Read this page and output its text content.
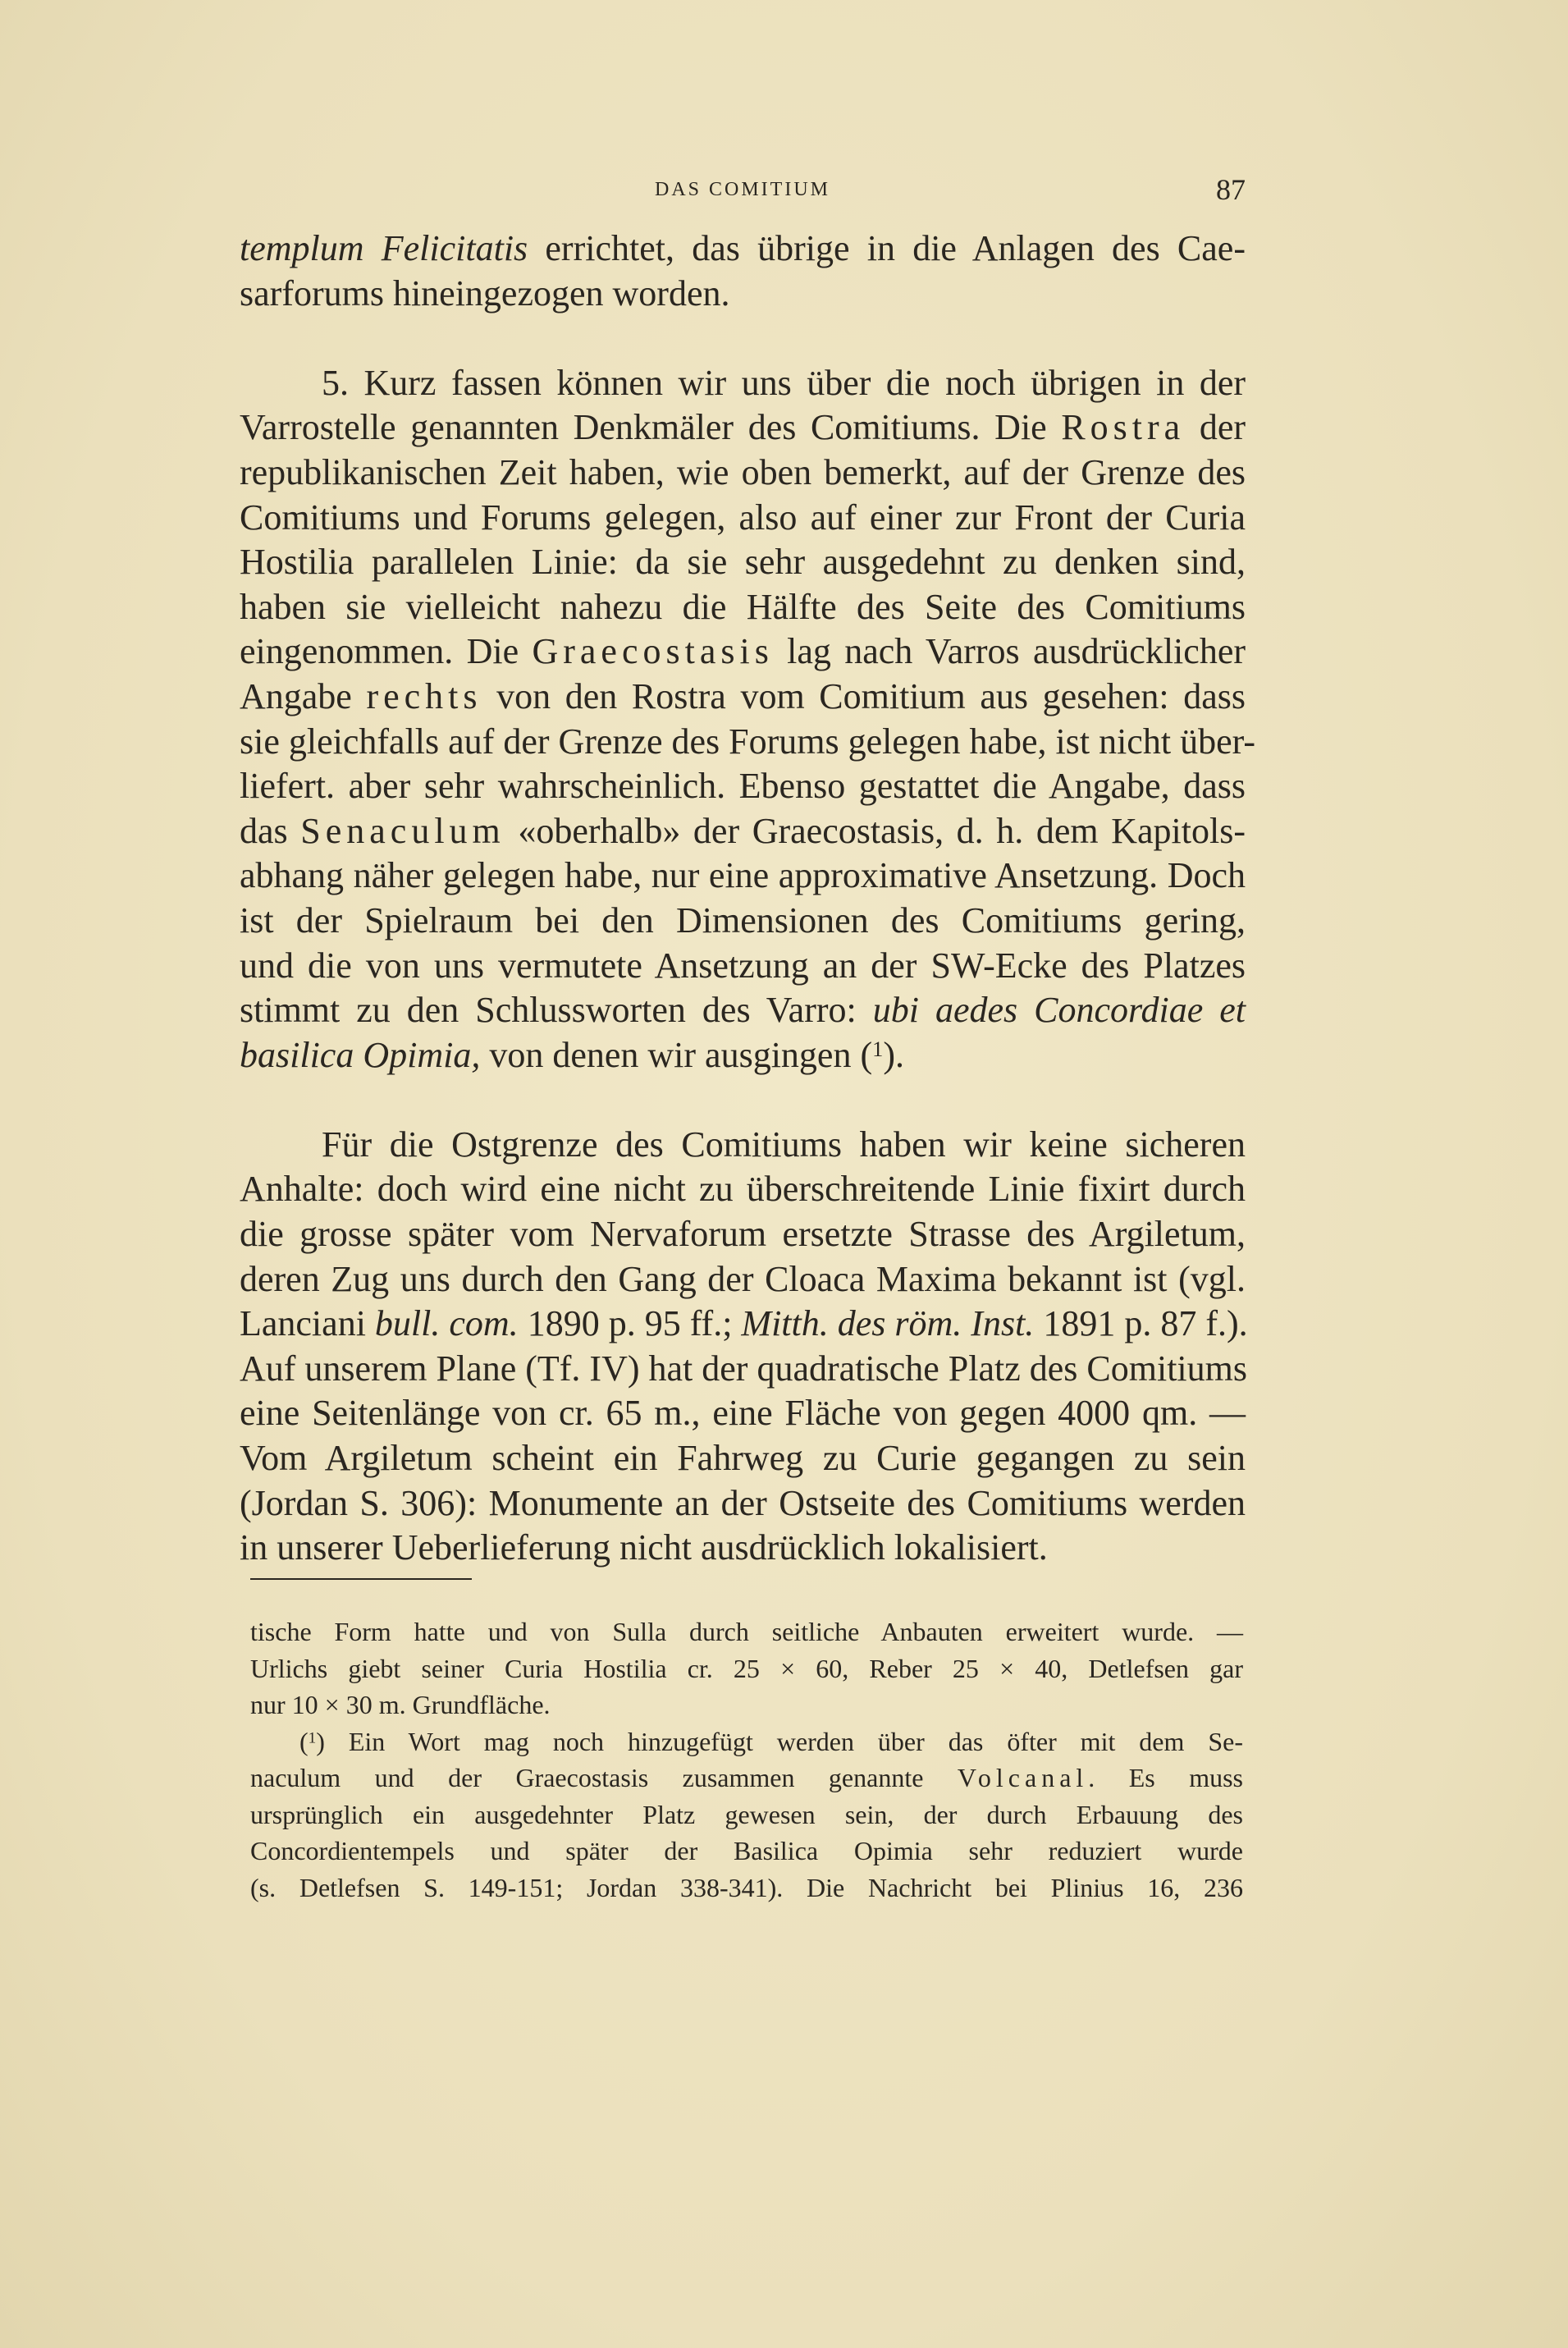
DAS COMITIUM	87
templum Felicitatis errichtet, das übrige in die Anlagen des Cae-
sarforums hineingezogen worden.
5. Kurz fassen können wir uns über die noch übrigen in der
Varrostelle genannten Denkmäler des Comitiums. Die Rostra der
republikanischen Zeit haben, wie oben bemerkt, auf der Grenze des
Comitiums und Forums gelegen, also auf einer zur Front der Curia
Hostilia parallelen Linie: da sie sehr ausgedehnt zu denken sind,
haben sie vielleicht nahezu die Hälfte des Seite des Comitiums
eingenommen. Die Graecostasis lag nach Varros ausdrücklicher
Angabe rechts von den Rostra vom Comitium aus gesehen: dass
sie gleichfalls auf der Grenze des Forums gelegen habe, ist nicht über-
liefert. aber sehr wahrscheinlich. Ebenso gestattet die Angabe, dass
das Senaculum «oberhalb» der Graecostasis, d. h. dem Kapitols-
abhang näher gelegen habe, nur eine approximative Ansetzung. Doch
ist der Spielraum bei den Dimensionen des Comitiums gering,
und die von uns vermutete Ansetzung an der SW-Ecke des Platzes
stimmt zu den Schlussworten des Varro: ubi aedes Concordiae et
basilica Opimia, von denen wir ausgingen ($^1$).
Für die Ostgrenze des Comitiums haben wir keine sicheren
Anhalte: doch wird eine nicht zu überschreitende Linie fixirt durch
die grosse später vom Nervaforum ersetzte Strasse des Argiletum,
deren Zug uns durch den Gang der Cloaca Maxima bekannt ist (vgl.
Lanciani bull. com. 1890 p. 95 ff.; Mitth. des röm. Inst. 1891 p. 87 f.).
Auf unserem Plane (Tf. IV) hat der quadratische Platz des Comitiums
eine Seitenlänge von cr. 65 m., eine Fläche von gegen 4000 qm. —
Vom Argiletum scheint ein Fahrweg zu Curie gegangen zu sein
(Jordan S. 306): Monumente an der Ostseite des Comitiums werden
in unserer Ueberlieferung nicht ausdrücklich lokalisiert.
tische Form hatte und von Sulla durch seitliche Anbauten erweitert wurde. —
Urlichs giebt seiner Curia Hostilia cr. 25 × 60, Reber 25 × 40, Detlefsen gar
nur 10 × 30 m. Grundfläche.
($^1$) Ein Wort mag noch hinzugefügt werden über das öfter mit dem Se-
naculum und der Graecostasis zusammen genannte Volcanal. Es muss
ursprünglich ein ausgedehnter Platz gewesen sein, der durch Erbauung des
Concordientempels und später der Basilica Opimia sehr reduziert wurde
(s. Detlefsen S. 149-151; Jordan 338-341). Die Nachricht bei Plinius 16, 236
